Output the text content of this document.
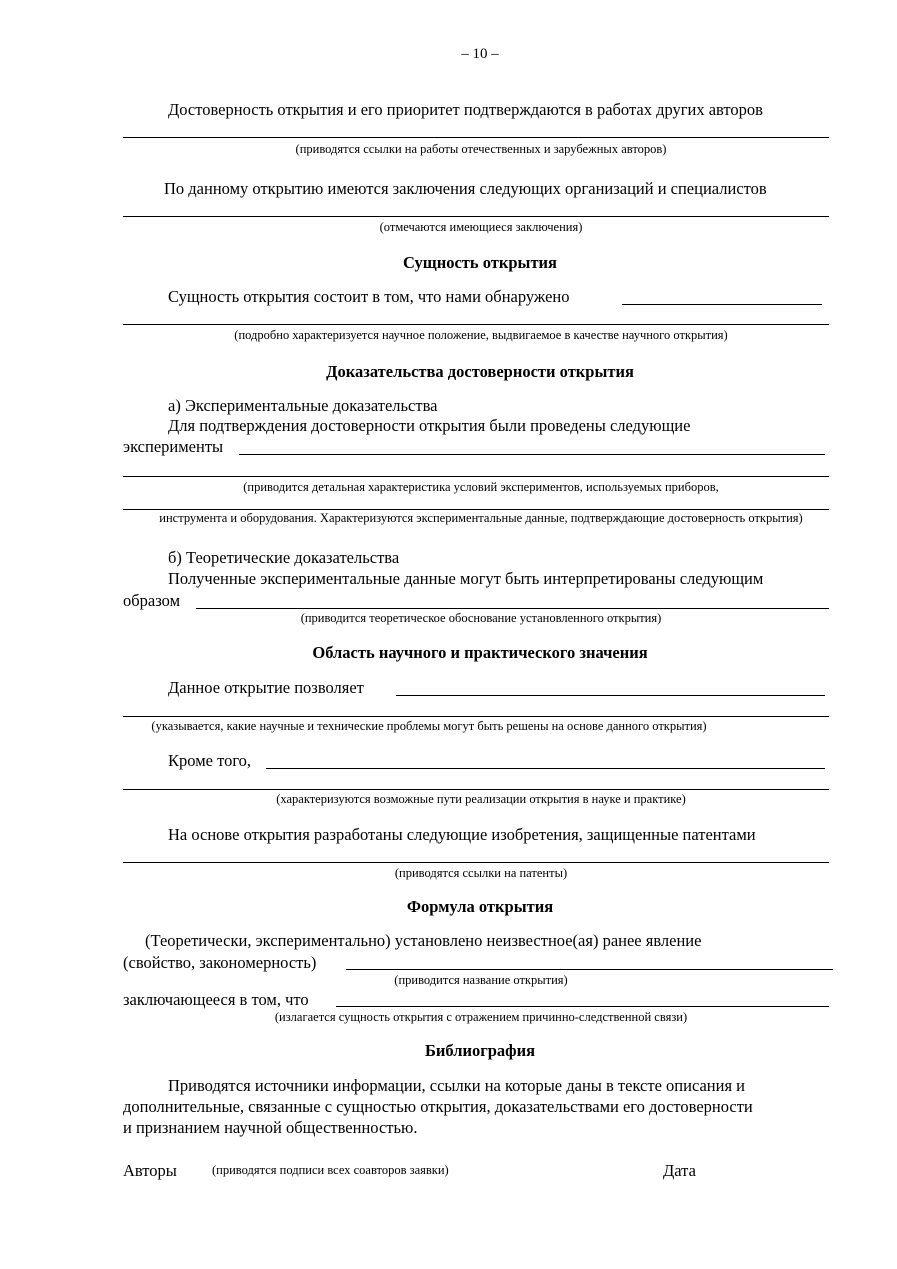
– 10 –
Достоверность открытия и его приоритет подтверждаются в работах других авторов
(приводятся ссылки на работы отечественных и зарубежных авторов)
По данному открытию имеются заключения следующих организаций и специалистов
(отмечаются имеющиеся заключения)
Сущность открытия
Сущность открытия состоит в том, что нами обнаружено
(подробно характеризуется научное положение, выдвигаемое в качестве научного открытия)
Доказательства достоверности открытия
а) Экспериментальные доказательства
Для подтверждения достоверности открытия были проведены следующие
эксперименты
(приводится детальная характеристика условий экспериментов, используемых приборов,
инструмента и оборудования. Характеризуются экспериментальные данные, подтверждающие достоверность открытия)
б) Теоретические доказательства
Полученные экспериментальные данные могут быть интерпретированы следующим
образом
(приводится теоретическое обоснование установленного открытия)
Область научного и практического значения
Данное открытие позволяет
(указывается, какие научные и технические проблемы могут быть решены на основе данного открытия)
Кроме того,
(характеризуются возможные пути реализации открытия в науке и практике)
На основе открытия разработаны следующие изобретения, защищенные патентами
(приводятся ссылки на патенты)
Формула открытия
(Теоретически, экспериментально) установлено неизвестное(ая) ранее явление
(свойство, закономерность)
(приводится название открытия)
заключающееся в том, что
(излагается сущность открытия с отражением причинно-следственной связи)
Библиография
Приводятся источники информации, ссылки на которые даны в тексте описания и
дополнительные, связанные с сущностью открытия, доказательствами его достоверности
и признанием научной общественностью.
Авторы	(приводятся подписи всех соавторов заявки)	Дата
